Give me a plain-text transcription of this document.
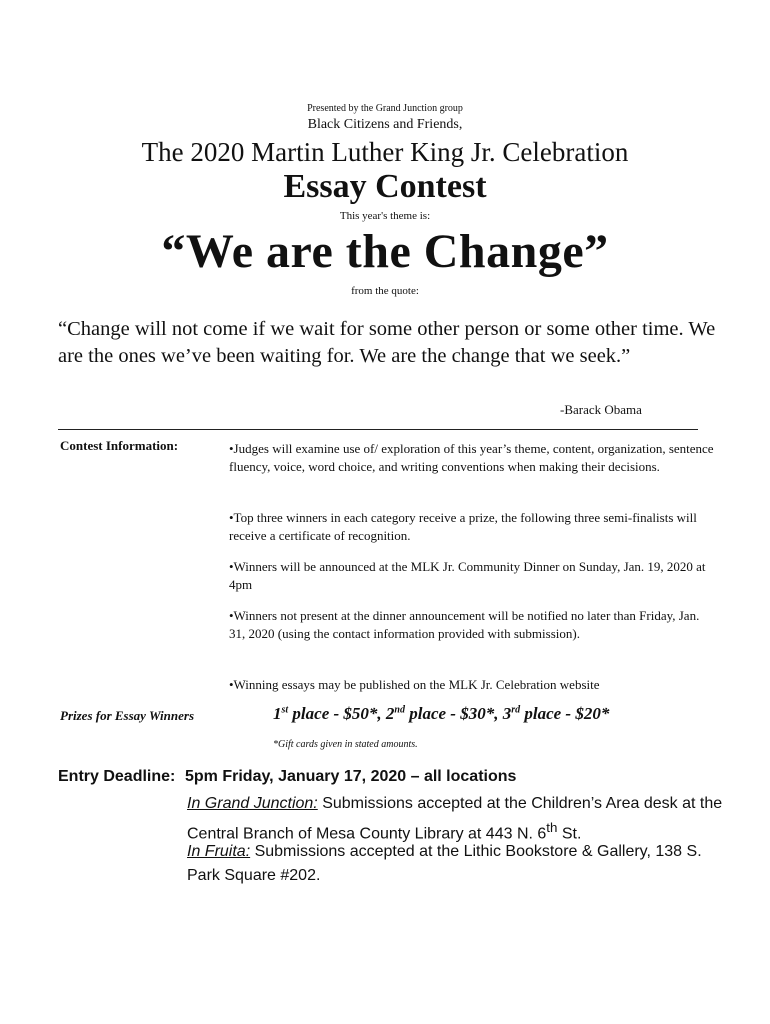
Presented by the Grand Junction group
Black Citizens and Friends,
The 2020 Martin Luther King Jr. Celebration
Essay Contest
This year's theme is:
“We are the Change”
from the quote:
“Change will not come if we wait for some other person or some other time. We are the ones we’ve been waiting for. We are the change that we seek.”
-Barack Obama
Contest Information:	•Judges will examine use of/ exploration of this year’s theme, content, organization, sentence fluency, voice, word choice, and writing conventions when making their decisions.
•Top three winners in each category receive a prize, the following three semi-finalists will receive a certificate of recognition.
•Winners will be announced at the MLK Jr. Community Dinner on Sunday, Jan. 19, 2020 at 4pm
•Winners not present at the dinner announcement will be notified no later than Friday, Jan. 31, 2020 (using the contact information provided with submission).
•Winning essays may be published on the MLK Jr. Celebration website
Prizes for Essay Winners	1st place - $50*, 2nd place - $30*, 3rd place - $20*
*Gift cards given in stated amounts.
Entry Deadline: 5pm Friday, January 17, 2020 – all locations
In Grand Junction: Submissions accepted at the Children’s Area desk at the Central Branch of Mesa County Library at 443 N. 6th St.
In Fruita: Submissions accepted at the Lithic Bookstore & Gallery, 138 S. Park Square #202.
